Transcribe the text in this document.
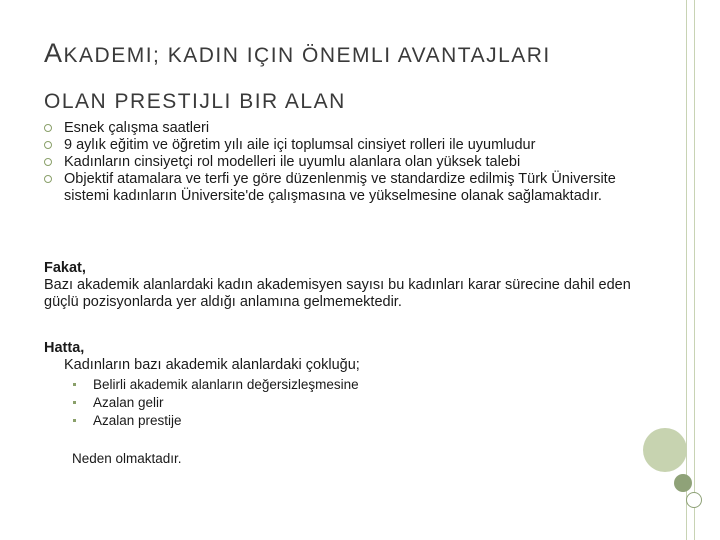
AKADEMI; KADIN IÇIN ÖNEMLI AVANTAJLARI
OLAN PRESTIJLI BIR ALAN
Esnek çalışma saatleri
9 aylık eğitim ve öğretim yılı aile içi toplumsal cinsiyet rolleri ile uyumludur
Kadınların cinsiyetçi rol modelleri ile uyumlu alanlara olan yüksek talebi
Objektif atamalara ve terfi ye göre düzenlenmiş ve standardize edilmiş Türk Üniversite sistemi kadınların Üniversite'de çalışmasına ve yükselmesine olanak sağlamaktadır.
Fakat,
Bazı akademik alanlardaki kadın akademisyen sayısı bu kadınları karar sürecine dahil eden güçlü pozisyonlarda yer aldığı anlamına gelmemektedir.
Hatta,
Kadınların bazı akademik alanlardaki çokluğu;
Belirli akademik alanların değersizleşmesine
Azalan gelir
Azalan prestije
Neden olmaktadır.
